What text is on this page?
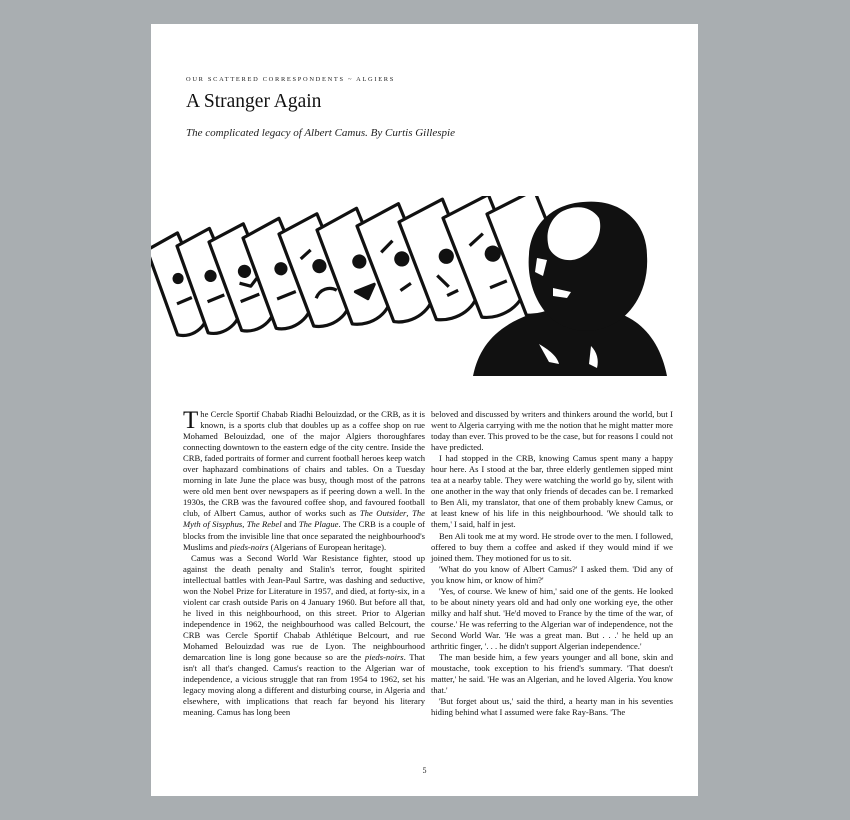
OUR SCATTERED CORRESPONDENTS ~ ALGIERS
A Stranger Again
The complicated legacy of Albert Camus. By Curtis Gillespie

The Cercle Sportif Chabab Riadhi Belouizdad, or the CRB, as it is known, is a sports club that doubles up as a coffee shop on rue Mohamed Belouizdad, one of the major Algiers thoroughfares connecting downtown to the eastern edge of the city centre. Inside the CRB, faded portraits of former and current football heroes keep watch over haphazard combinations of chairs and tables. On a Tuesday morning in late June the place was busy, though most of the patrons were old men bent over newspapers as if peering down a well. In the 1930s, the CRB was the favoured coffee shop, and favoured football club, of Albert Camus, author of works such as The Outsider, The Myth of Sisyphus, The Rebel and The Plague. The CRB is a couple of blocks from the invisible line that once separated the neighbourhood's Muslims and pieds-noirs (Algerians of European heritage).

Camus was a Second World War Resistance fighter, stood up against the death penalty and Stalin's terror, fought spirited intellectual battles with Jean-Paul Sartre, was dashing and seductive, won the Nobel Prize for Literature in 1957, and died, at forty-six, in a violent car crash outside Paris on 4 January 1960. But before all that, he lived in this neighbourhood, on this street. Prior to Algerian independence in 1962, the neighbourhood was called Belcourt, the CRB was Cercle Sportif Chabab Athlétique Belcourt, and rue Mohamed Belouizdad was rue de Lyon. The neighbourhood demarcation line is long gone because so are the pieds-noirs. That isn't all that's changed. Camus's reaction to the Algerian war of independence, a vicious struggle that ran from 1954 to 1962, set his legacy moving along a different and disturbing course, in Algeria and elsewhere, with implications that reach far beyond his literary meaning. Camus has long been

beloved and discussed by writers and thinkers around the world, but I went to Algeria carrying with me the notion that he might matter more today than ever. This proved to be the case, but for reasons I could not have predicted.

I had stopped in the CRB, knowing Camus spent many a happy hour here. As I stood at the bar, three elderly gentlemen sipped mint tea at a nearby table. They were watching the world go by, silent with one another in the way that only friends of decades can be. I remarked to Ben Ali, my translator, that one of them probably knew Camus, or at least knew of his life in this neighbourhood. 'We should talk to them,' I said, half in jest.

Ben Ali took me at my word. He strode over to the men. I followed, offered to buy them a coffee and asked if they would mind if we joined them. They motioned for us to sit.

'What do you know of Albert Camus?' I asked them. 'Did any of you know him, or know of him?'

'Yes, of course. We knew of him,' said one of the gents. He looked to be about ninety years old and had only one working eye, the other milky and half shut. 'He'd moved to France by the time of the war, of course.' He was referring to the Algerian war of independence, not the Second World War. 'He was a great man. But . . .' he held up an arthritic finger, '. . . he didn't support Algerian independence.'

The man beside him, a few years younger and all bone, skin and moustache, took exception to his friend's summary. 'That doesn't matter,' he said. 'He was an Algerian, and he loved Algeria. You know that.'

'But forget about us,' said the third, a hearty man in his seventies hiding behind what I assumed were fake Ray-Bans. 'The

5
